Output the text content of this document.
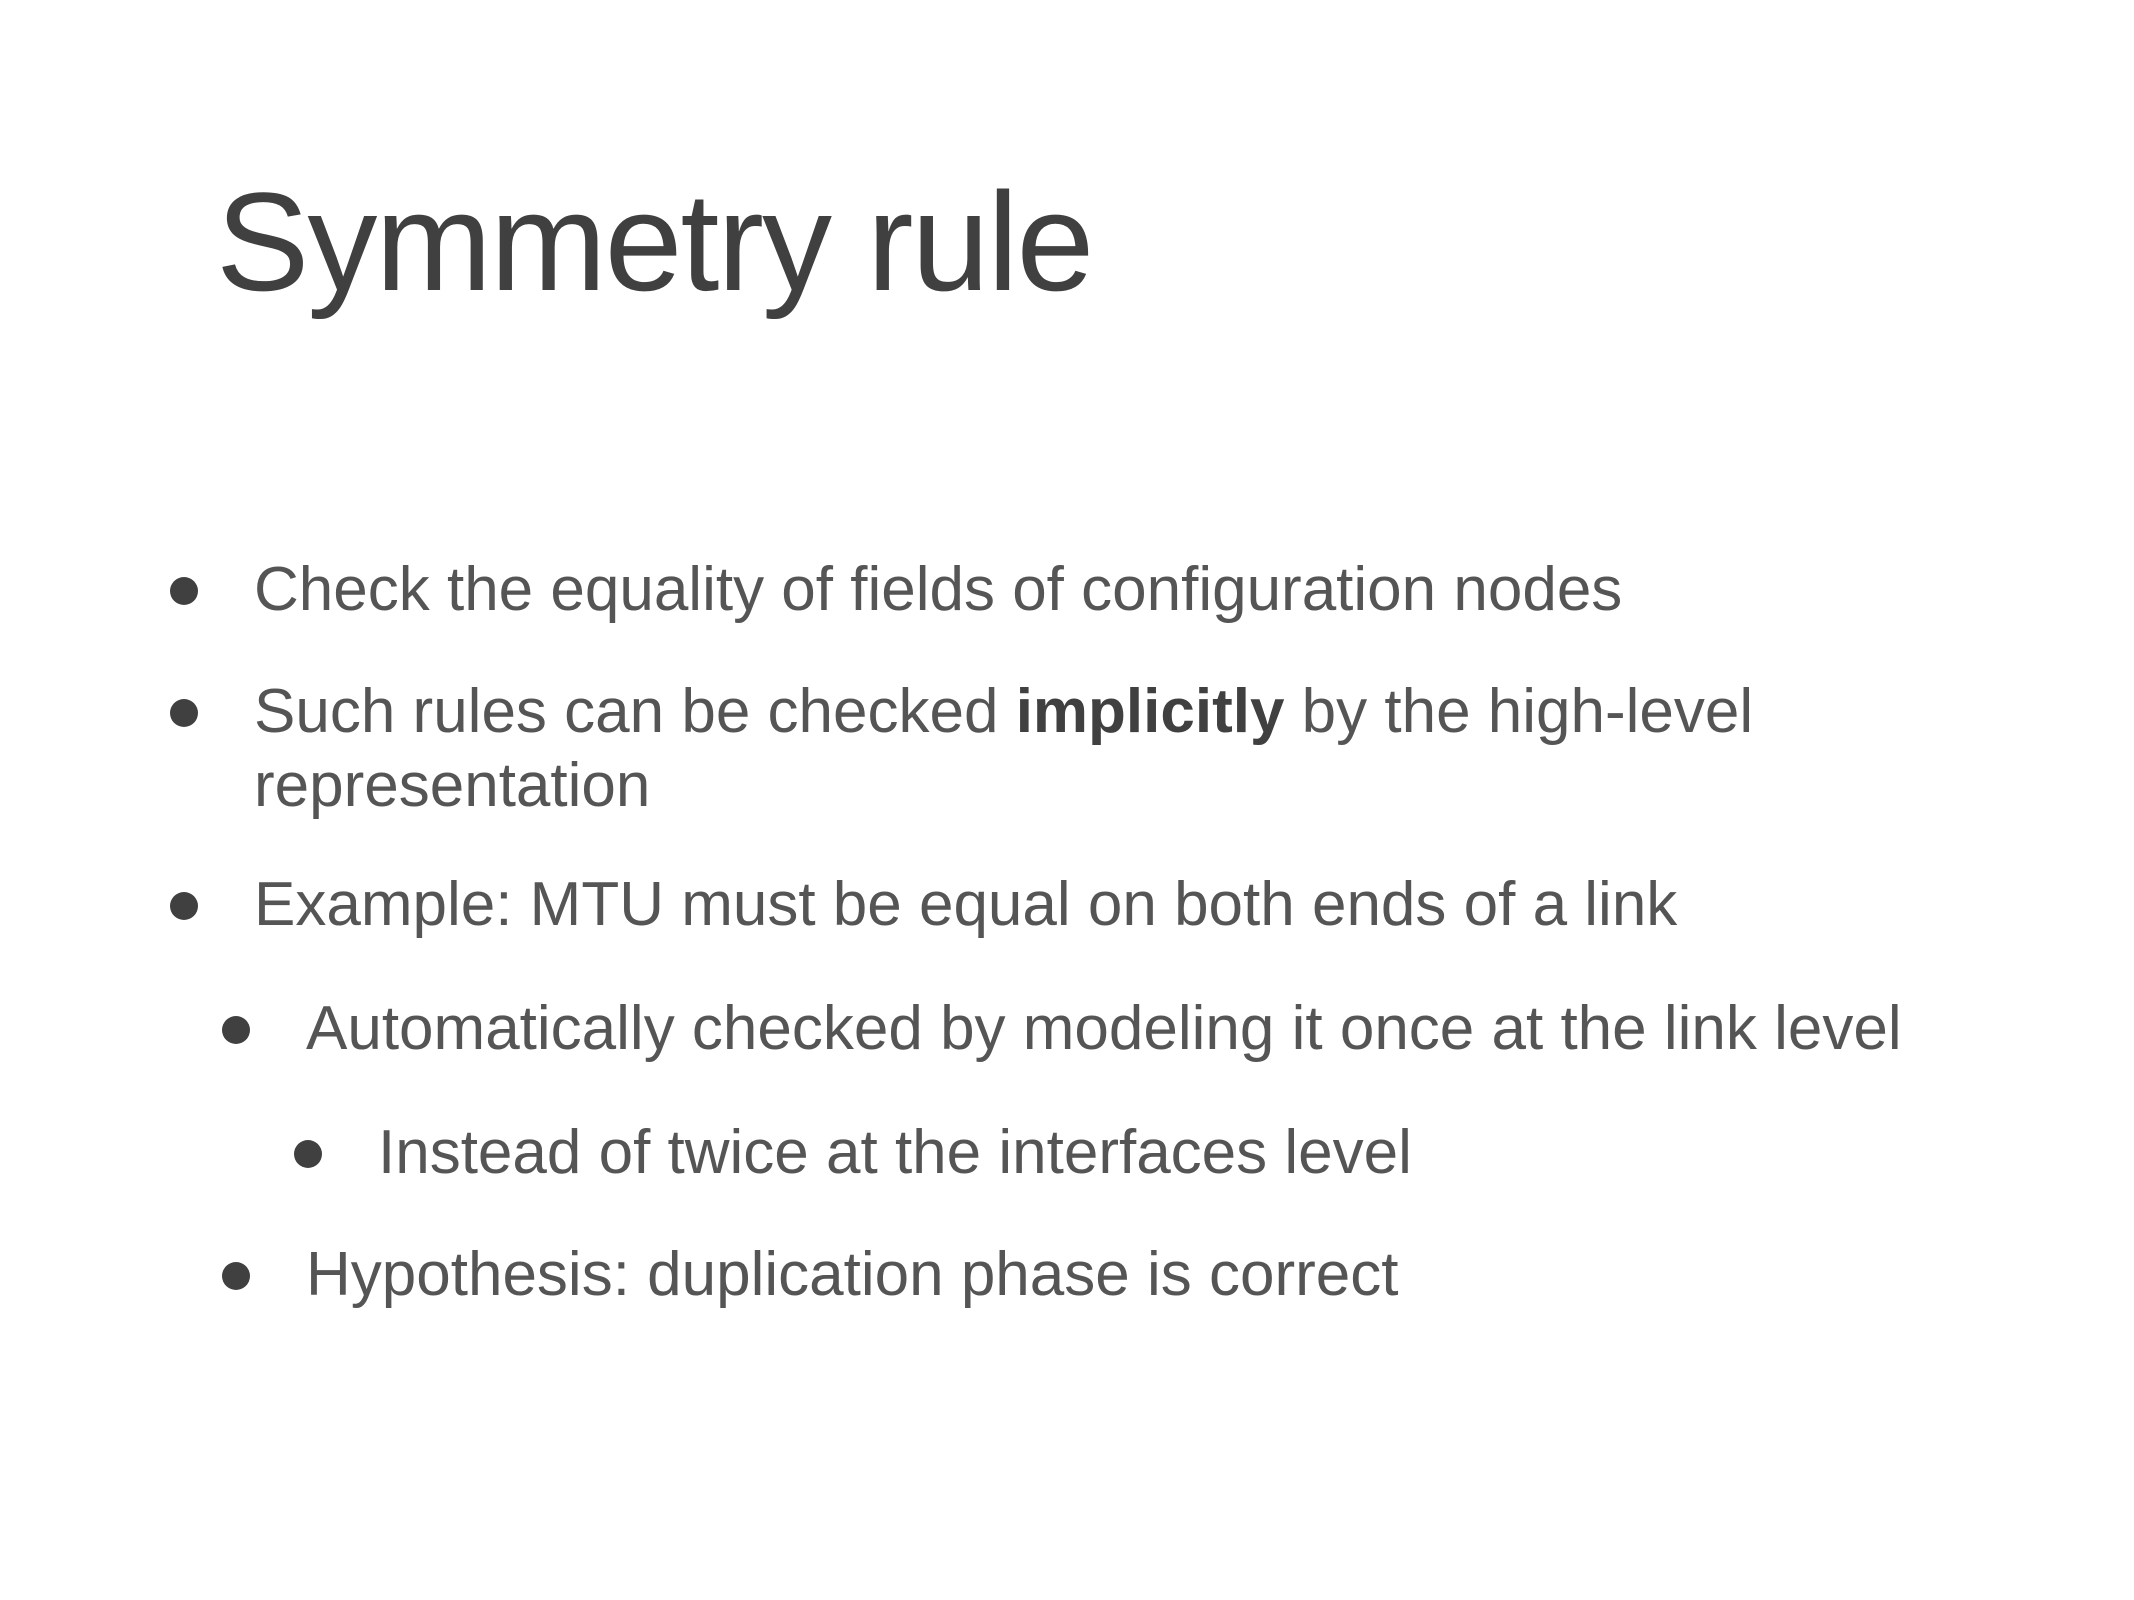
Symmetry rule
Check the equality of fields of configuration nodes
Such rules can be checked implicitly by the high-level
representation
Example: MTU must be equal on both ends of a link
Automatically checked by modeling it once at the link level
Instead of twice at the interfaces level
Hypothesis: duplication phase is correct
